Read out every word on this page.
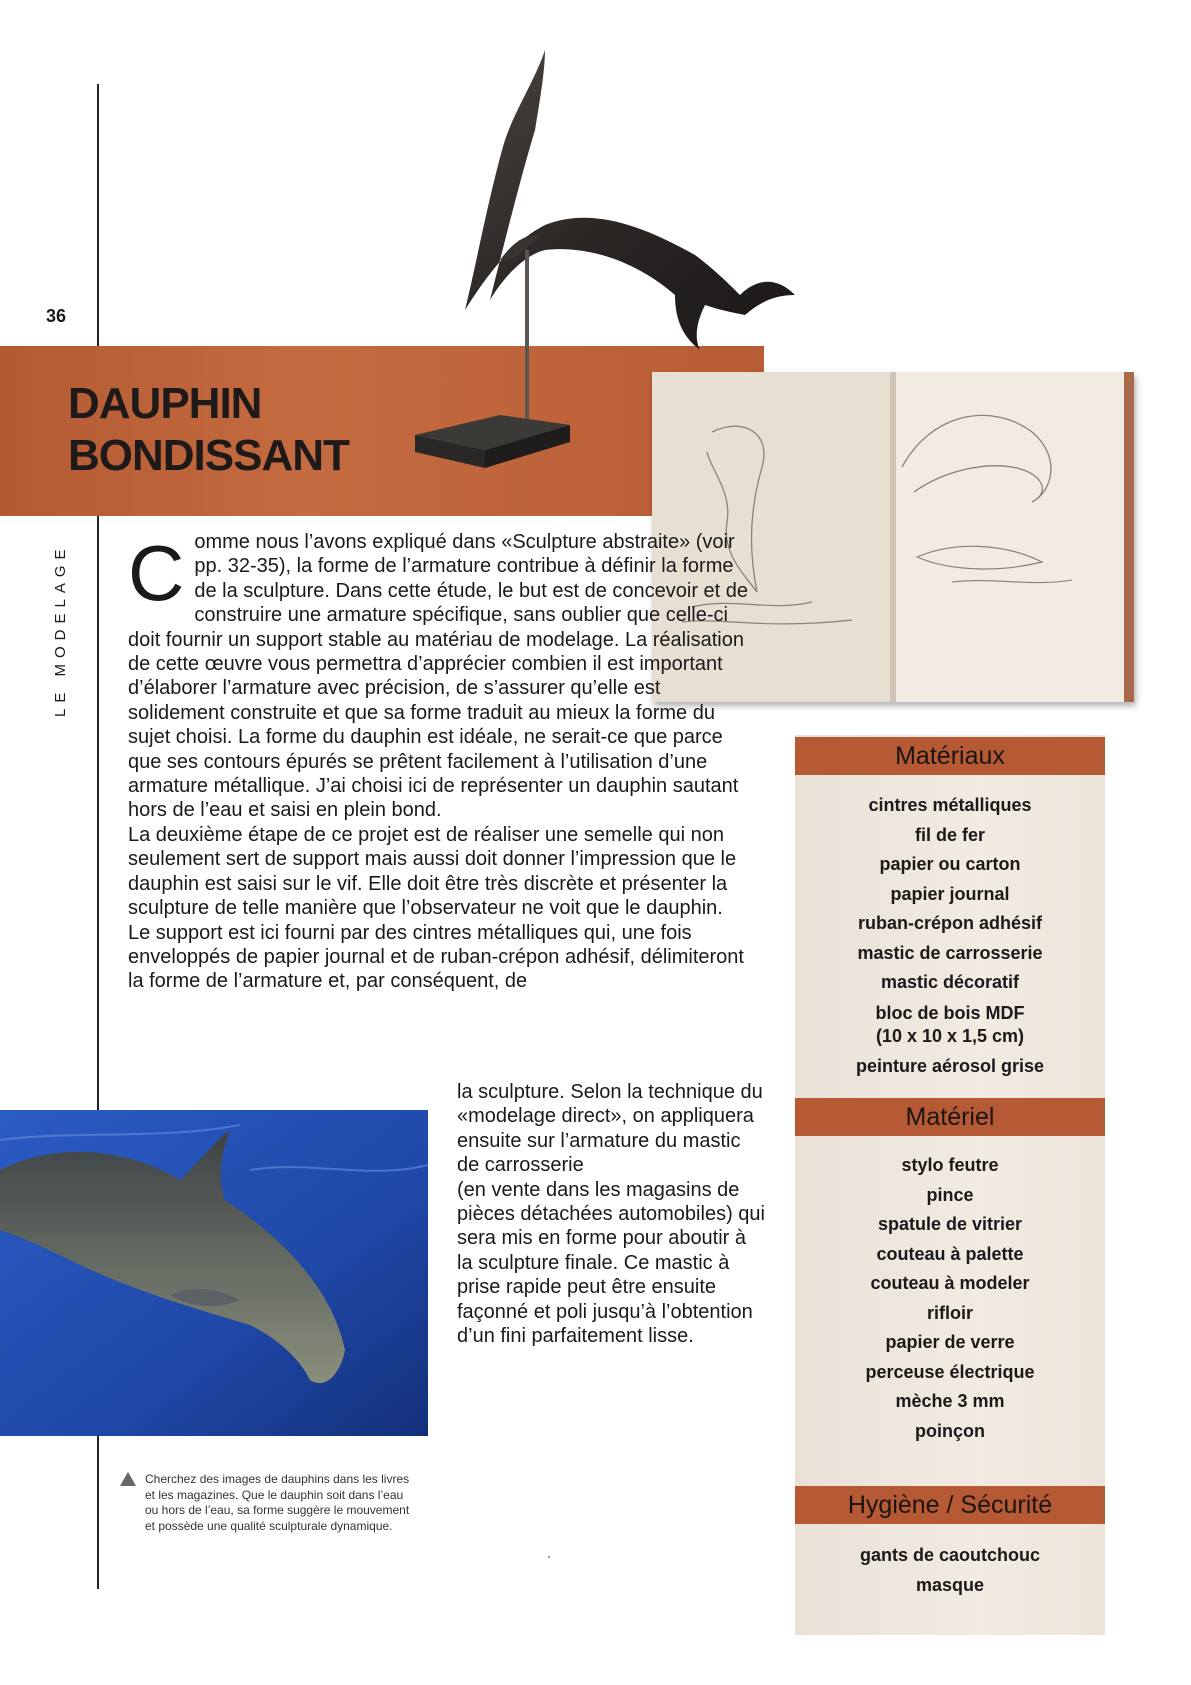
36
LE MODELAGE
DAUPHIN
BONDISSANT
C omme nous l’avons expliqué dans «Sculpture abstraite» (voir pp. 32-35), la forme de l’armature contribue à définir la forme de la sculpture. Dans cette étude, le but est de concevoir et de construire une armature spécifique, sans oublier que celle-ci doit fournir un support stable au matériau de modelage. La réalisation de cette œuvre vous permettra d’apprécier combien il est important d’élaborer l’armature avec précision, de s’assurer qu’elle est solidement construite et que sa forme traduit au mieux la forme du sujet choisi. La forme du dauphin est idéale, ne serait-ce que parce que ses contours épurés se prêtent facilement à l’utilisation d’une armature métallique. J’ai choisi ici de représenter un dauphin sautant hors de l’eau et saisi en plein bond.

La deuxième étape de ce projet est de réaliser une semelle qui non seulement sert de support mais aussi doit donner l’impression que le dauphin est saisi sur le vif. Elle doit être très discrète et présenter la sculpture de telle manière que l’observateur ne voit que le dauphin.

Le support est ici fourni par des cintres métalliques qui, une fois enveloppés de papier journal et de ruban-crépon adhésif, délimiteront la forme de l’armature et, par conséquent, de

la sculpture. Selon la technique du «modelage direct», on appliquera ensuite sur l’armature du mastic de carrosserie

(en vente dans les magasins de pièces détachées automobiles) qui sera mis en forme pour aboutir à la sculpture finale. Ce mastic à prise rapide peut être ensuite façonné et poli jusqu’à l’obtention d’un fini parfaitement lisse.

Cherchez des images de dauphins dans les livres et les magazines. Que le dauphin soit dans l’eau ou hors de l’eau, sa forme suggère le mouvement et possède une qualité sculpturale dynamique.

Matériaux
cintres métalliques
fil de fer
papier ou carton
papier journal
ruban-crépon adhésif
mastic de carrosserie
mastic décoratif
bloc de bois MDF
(10 x 10 x 1,5 cm)
peinture aérosol grise
Matériel
stylo feutre
pince
spatule de vitrier
couteau à palette
couteau à modeler
rifloir
papier de verre
perceuse électrique
mèche 3 mm
poinçon
Hygiène / Sécurité
gants de caoutchouc
masque
